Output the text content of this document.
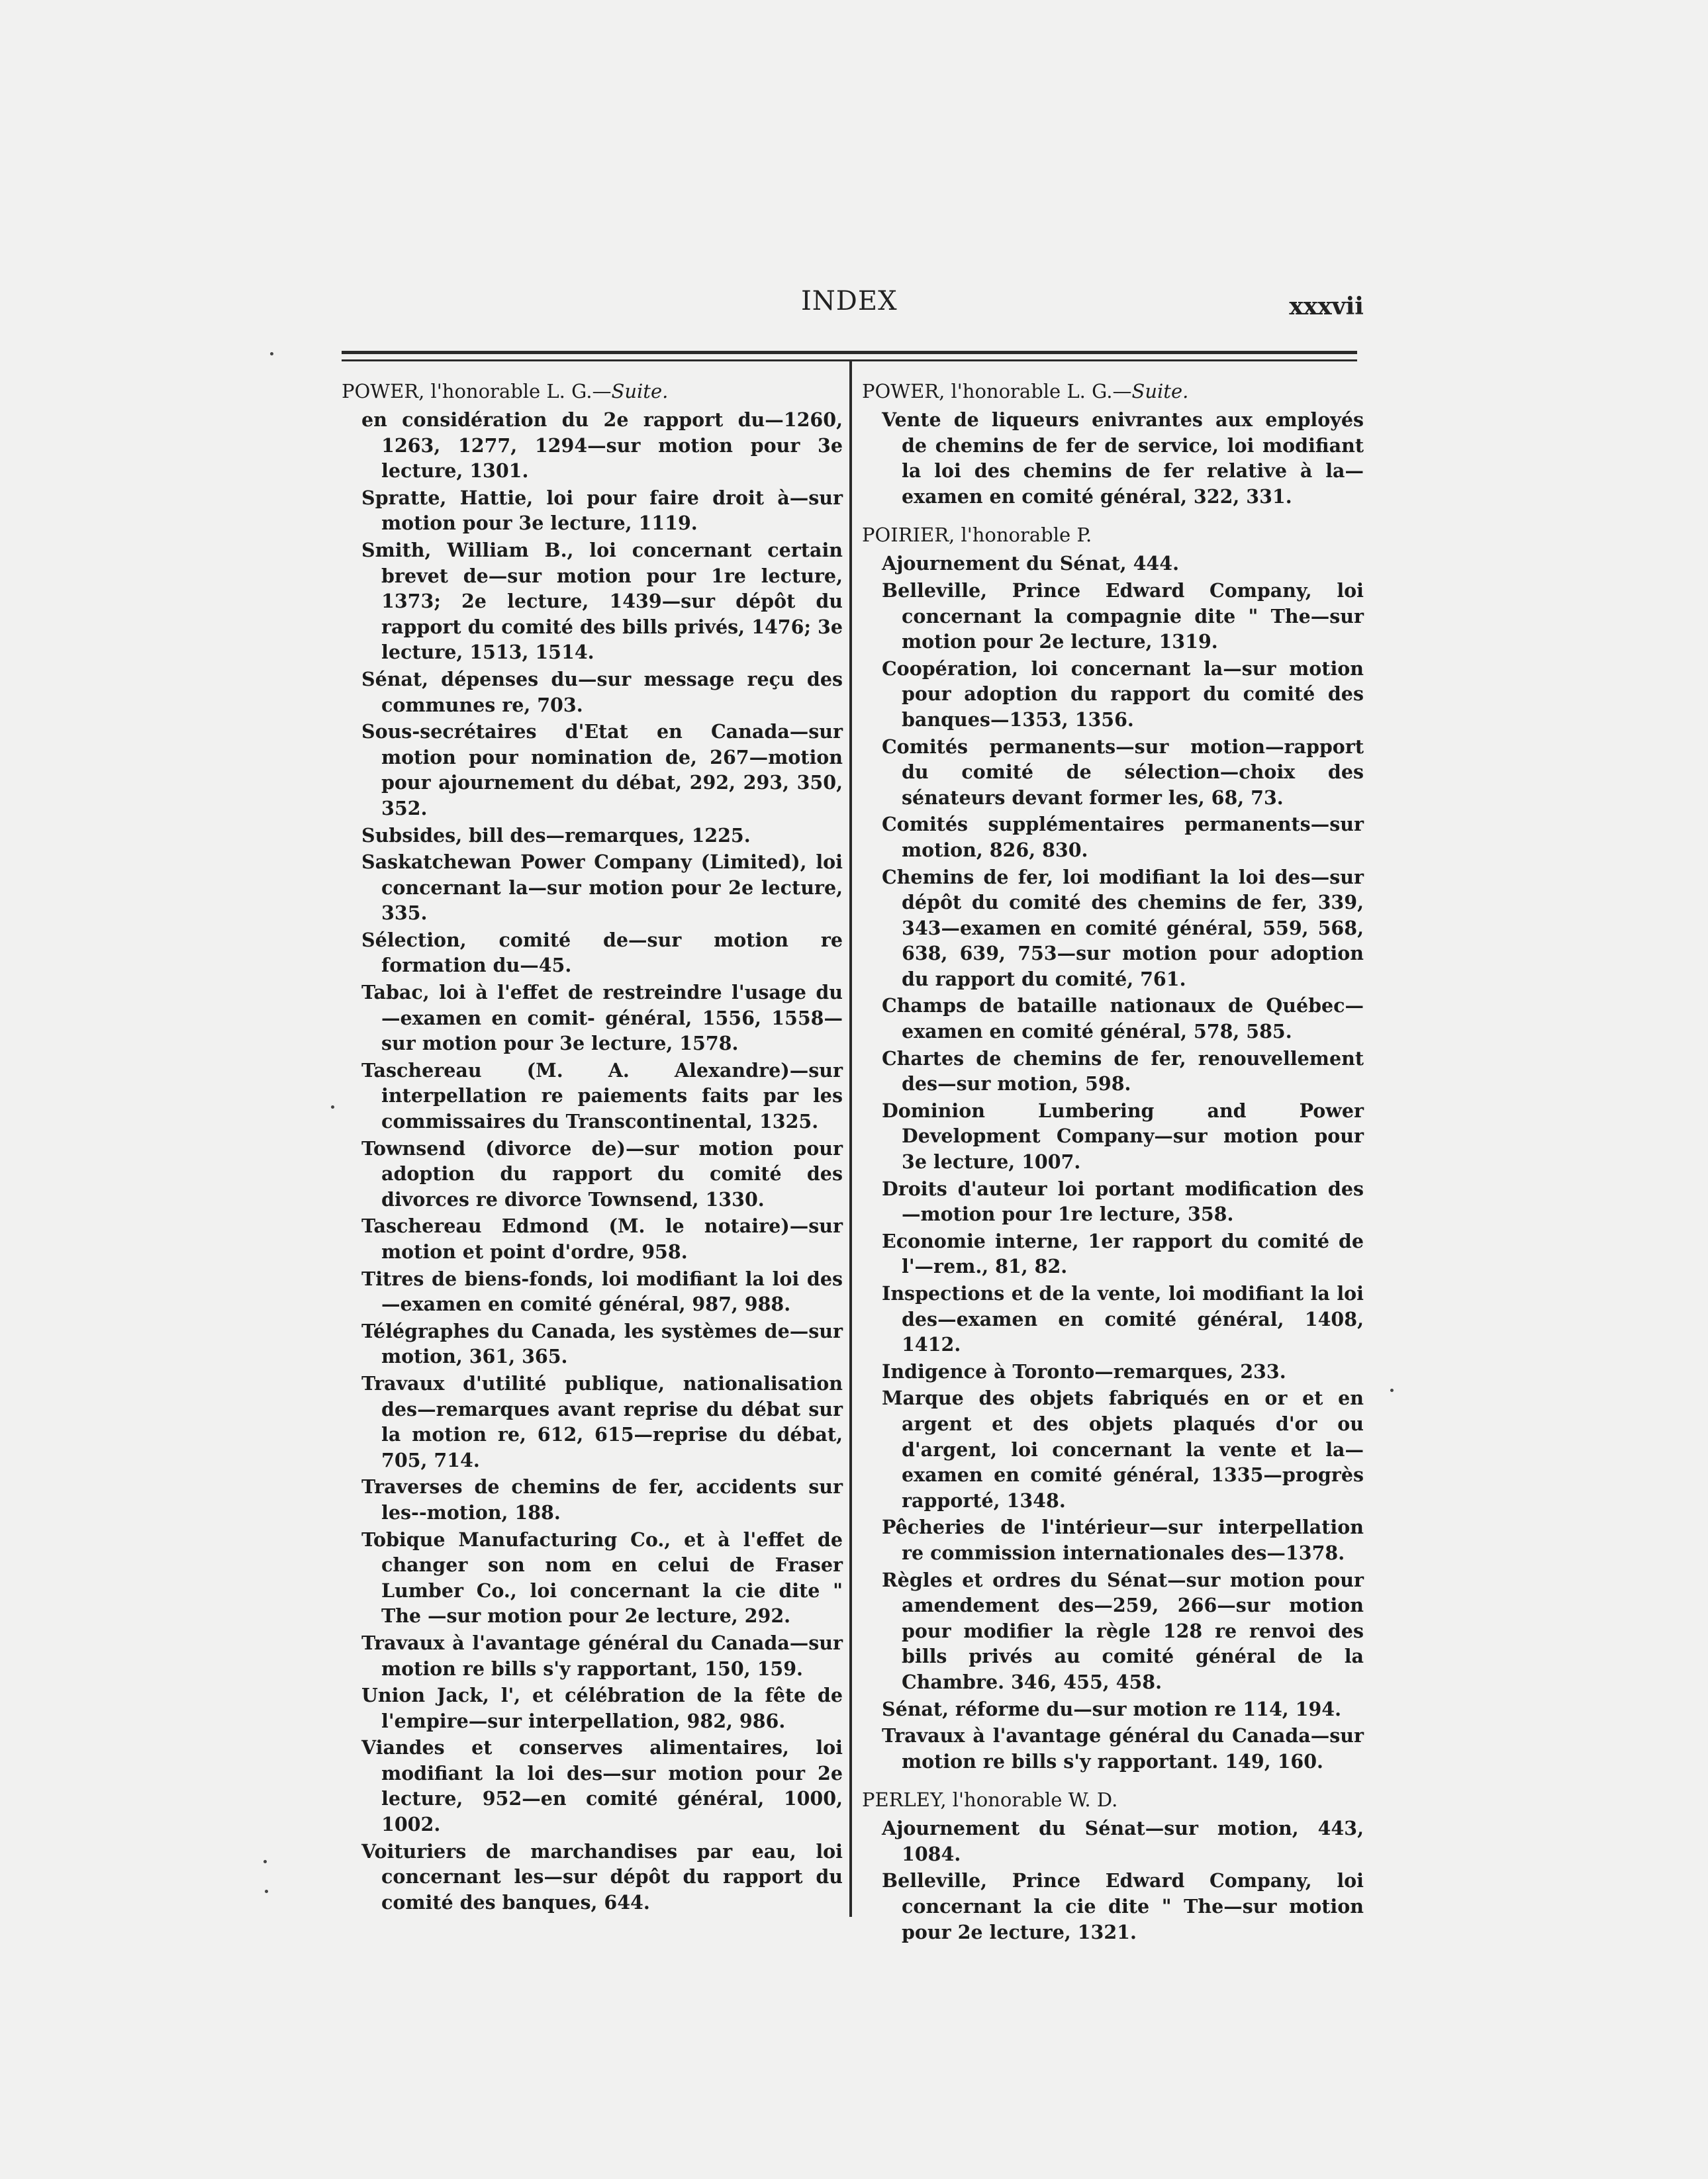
INDEX	xxxvii
POWER, l'honorable L. G.—Suite.
en considération du 2e rapport du—1260, 1263, 1277, 1294—sur motion pour 3e lecture, 1301.
Spratte, Hattie, loi pour faire droit à—sur motion pour 3e lecture, 1119.
Smith, William B., loi concernant certain brevet de—sur motion pour 1re lecture, 1373; 2e lecture, 1439—sur dépôt du rapport du comité des bills privés, 1476; 3e lecture, 1513, 1514.
Sénat, dépenses du—sur message reçu des communes re, 703.
Sous-secrétaires d'Etat en Canada—sur motion pour nomination de, 267—motion pour ajournement du débat, 292, 293, 350, 352.
Subsides, bill des—remarques, 1225.
Saskatchewan Power Company (Limited), loi concernant la—sur motion pour 2e lecture, 335.
Sélection, comité de—sur motion re formation du—45.
Tabac, loi à l'effet de restreindre l'usage du —examen en comit- général, 1556, 1558—sur motion pour 3e lecture, 1578.
Taschereau (M. A. Alexandre)—sur interpellation re paiements faits par les commissaires du Transcontinental, 1325.
Townsend (divorce de)—sur motion pour adoption du rapport du comité des divorces re divorce Townsend, 1330.
Taschereau Edmond (M. le notaire)—sur motion et point d'ordre, 958.
Titres de biens-fonds, loi modifiant la loi des—examen en comité général, 987, 988.
Télégraphes du Canada, les systèmes de—sur motion, 361, 365.
Travaux d'utilité publique, nationalisation des—remarques avant reprise du débat sur la motion re, 612, 615—reprise du débat, 705, 714.
Traverses de chemins de fer, accidents sur les--motion, 188.
Tobique Manufacturing Co., et à l'effet de changer son nom en celui de Fraser Lumber Co., loi concernant la cie dite " The —sur motion pour 2e lecture, 292.
Travaux à l'avantage général du Canada—sur motion re bills s'y rapportant, 150, 159.
Union Jack, l', et célébration de la fête de l'empire—sur interpellation, 982, 986.
Viandes et conserves alimentaires, loi modifiant la loi des—sur motion pour 2e lecture, 952—en comité général, 1000, 1002.
Voituriers de marchandises par eau, loi concernant les—sur dépôt du rapport du comité des banques, 644.
POWER, l'honorable L. G.—Suite.
Vente de liqueurs enivrantes aux employés de chemins de fer de service, loi modifiant la loi des chemins de fer relative à la—examen en comité général, 322, 331.
POIRIER, l'honorable P.
Ajournement du Sénat, 444.
Belleville, Prince Edward Company, loi concernant la compagnie dite " The—sur motion pour 2e lecture, 1319.
Coopération, loi concernant la—sur motion pour adoption du rapport du comité des banques—1353, 1356.
Comités permanents—sur motion—rapport du comité de sélection—choix des sénateurs devant former les, 68, 73.
Comités supplémentaires permanents—sur motion, 826, 830.
Chemins de fer, loi modifiant la loi des—sur dépôt du comité des chemins de fer, 339, 343—examen en comité général, 559, 568, 638, 639, 753—sur motion pour adoption du rapport du comité, 761.
Champs de bataille nationaux de Québec—examen en comité général, 578, 585.
Chartes de chemins de fer, renouvellement des—sur motion, 598.
Dominion Lumbering and Power Development Company—sur motion pour 3e lecture, 1007.
Droits d'auteur loi portant modification des —motion pour 1re lecture, 358.
Economie interne, 1er rapport du comité de l'—rem., 81, 82.
Inspections et de la vente, loi modifiant la loi des—examen en comité général, 1408, 1412.
Indigence à Toronto—remarques, 233.
Marque des objets fabriqués en or et en argent et des objets plaqués d'or ou d'argent, loi concernant la vente et la—examen en comité général, 1335—progrès rapporté, 1348.
Pêcheries de l'intérieur—sur interpellation re commission internationales des—1378.
Règles et ordres du Sénat—sur motion pour amendement des—259, 266—sur motion pour modifier la règle 128 re renvoi des bills privés au comité général de la Chambre. 346, 455, 458.
Sénat, réforme du—sur motion re 114, 194.
Travaux à l'avantage général du Canada—sur motion re bills s'y rapportant. 149, 160.
PERLEY, l'honorable W. D.
Ajournement du Sénat—sur motion, 443, 1084.
Belleville, Prince Edward Company, loi concernant la cie dite " The—sur motion pour 2e lecture, 1321.
